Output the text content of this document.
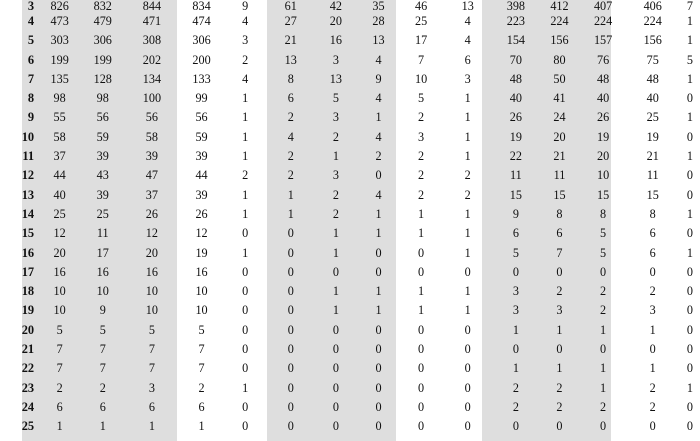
3	826	832	844	834	9	61	42	35	46	13	398	412	407	406	7
4	473	479	471	474	4	27	20	28	25	4	223	224	224	224	1
5	303	306	308	306	3	21	16	13	17	4	154	156	157	156	1
6	199	199	202	200	2	13	3	4	7	6	70	80	76	75	5
7	135	128	134	133	4	8	13	9	10	3	48	50	48	48	1
8	98	98	100	99	1	6	5	4	5	1	40	41	40	40	0
9	55	56	56	56	1	2	3	1	2	1	26	24	26	25	1
10	58	59	58	59	1	4	2	4	3	1	19	20	19	19	0
11	37	39	39	39	1	2	1	2	2	1	22	21	20	21	1
12	44	43	47	44	2	2	3	0	2	2	11	11	10	11	0
13	40	39	37	39	1	1	2	4	2	2	15	15	15	15	0
14	25	25	26	26	1	1	2	1	1	1	9	8	8	8	1
15	12	11	12	12	0	0	1	1	1	1	6	6	5	6	0
16	20	17	20	19	1	0	1	0	0	1	5	7	5	6	1
17	16	16	16	16	0	0	0	0	0	0	0	0	0	0	0
18	10	10	10	10	0	0	1	1	1	1	3	2	2	2	0
19	10	9	10	10	0	0	1	1	1	1	3	3	2	3	0
20	5	5	5	5	0	0	0	0	0	0	1	1	1	1	0
21	7	7	7	7	0	0	0	0	0	0	0	0	0	0	0
22	7	7	7	7	0	0	0	0	0	0	1	1	1	1	0
23	2	2	3	2	1	0	0	0	0	0	2	2	1	2	1
24	6	6	6	6	0	0	0	0	0	0	2	2	2	2	0
25	1	1	1	1	0	0	0	0	0	0	0	0	0	0	0
